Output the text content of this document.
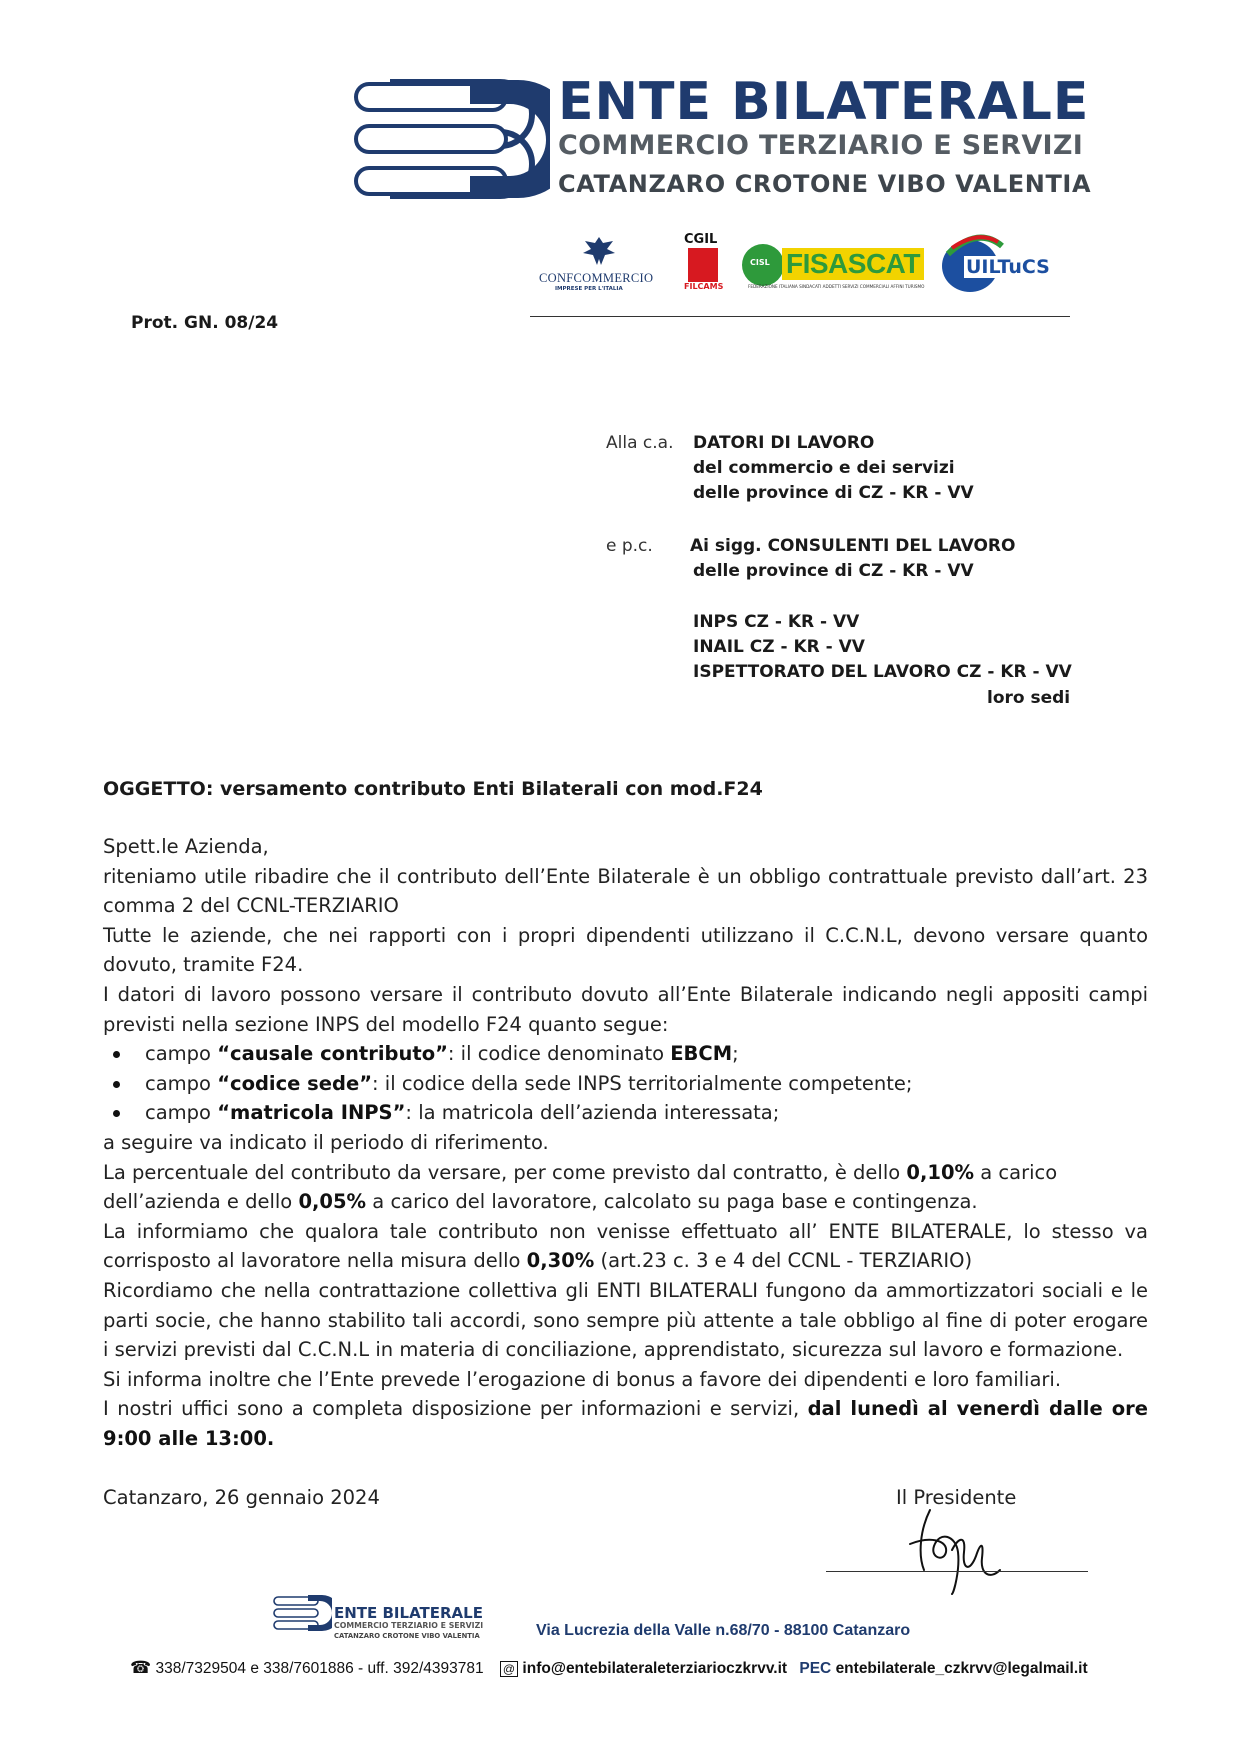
ENTE BILATERALE
COMMERCIO TERZIARIO E SERVIZI
CATANZARO CROTONE VIBO VALENTIA
CONFCOMMERCIO
IMPRESE PER L'ITALIA
CGIL
FILCAMS
CISL FISASCAT
FEDERAZIONE ITALIANA SINDACATI ADDETTI SERVIZI COMMERCIALI AFFINI TURISMO
UILTuCS
Prot. GN. 08/24
Alla c.a. DATORI DI LAVORO
del commercio e dei servizi
delle province di CZ - KR - VV
e p.c. Ai sigg. CONSULENTI DEL LAVORO
delle province di CZ - KR - VV
INPS CZ - KR - VV
INAIL CZ - KR - VV
ISPETTORATO DEL LAVORO CZ - KR - VV
loro sedi
OGGETTO: versamento contributo Enti Bilaterali con mod.F24

Spett.le Azienda,

riteniamo utile ribadire che il contributo dell’Ente Bilaterale è un obbligo contrattuale previsto dall’art. 23 comma 2 del CCNL-TERZIARIO

Tutte le aziende, che nei rapporti con i propri dipendenti utilizzano il C.C.N.L, devono versare quanto dovuto, tramite F24.

I datori di lavoro possono versare il contributo dovuto all’Ente Bilaterale indicando negli appositi campi previsti nella sezione INPS del modello F24 quanto segue:

campo “causale contributo”: il codice denominato EBCM;
campo “codice sede”: il codice della sede INPS territorialmente competente;
campo “matricola INPS”: la matricola dell’azienda interessata;

a seguire va indicato il periodo di riferimento.

La percentuale del contributo da versare, per come previsto dal contratto, è dello 0,10% a carico
dell’azienda e dello 0,05% a carico del lavoratore, calcolato su paga base e contingenza.

La informiamo che qualora tale contributo non venisse effettuato all’ ENTE BILATERALE, lo stesso va corrisposto al lavoratore nella misura dello 0,30% (art.23 c. 3 e 4 del CCNL - TERZIARIO)

Ricordiamo che nella contrattazione collettiva gli ENTI BILATERALI fungono da ammortizzatori sociali e le parti socie, che hanno stabilito tali accordi, sono sempre più attente a tale obbligo al fine di poter erogare i servizi previsti dal C.C.N.L in materia di conciliazione, apprendistato, sicurezza sul lavoro e formazione.

Si informa inoltre che l’Ente prevede l’erogazione di bonus a favore dei dipendenti e loro familiari.

I nostri uffici sono a completa disposizione per informazioni e servizi, dal lunedì al venerdì dalle ore 9:00 alle 13:00.

Catanzaro, 26 gennaio 2024	Il Presidente
ENTE BILATERALE
COMMERCIO TERZIARIO E SERVIZI
CATANZARO CROTONE VIBO VALENTIA	Via Lucrezia della Valle n.68/70 - 88100 Catanzaro
☎ 338/7329504 e 338/7601886 - uff. 392/4393781 @ info@entebilateraleterziarioczkrvv.it PEC entebilaterale_czkrvv@legalmail.it
